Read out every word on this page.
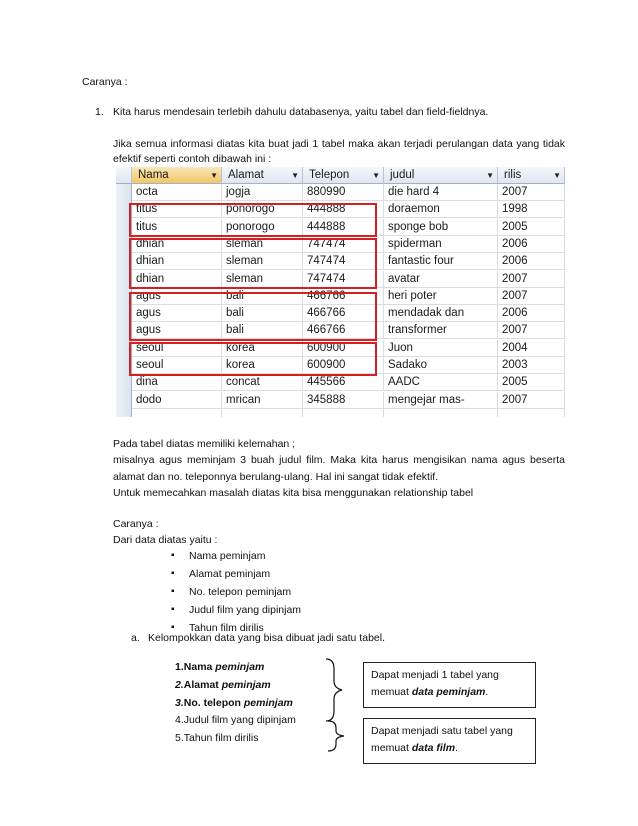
Caranya :
1. Kita harus mendesain terlebih dahulu databasenya, yaitu tabel dan field-fieldnya.
Jika semua informasi diatas kita buat jadi 1 tabel maka akan terjadi perulangan data yang tidak
efektif seperti contoh dibawah ini :
Nama	▼ Alamat	▼ Telepon	▼ judul	▼ rilis	▼
octa	jogja	880990	die hard 4	2007
titus	ponorogo	444888	doraemon	1998
titus	ponorogo	444888	sponge bob	2005
dhian	sleman	747474	spiderman	2006
dhian	sleman	747474	fantastic four	2006
dhian	sleman	747474	avatar	2007
agus	bali	466766	heri poter	2007
agus	bali	466766	mendadak dan	2006
agus	bali	466766	transformer	2007
seoul	korea	600900	Juon	2004
seoul	korea	600900	Sadako	2003
dina	concat	445566	AADC	2005
dodo	mrican	345888	mengejar mas-	2007
Pada tabel diatas memiliki kelemahan ;
misalnya agus meminjam 3 buah judul film. Maka kita harus mengisikan nama agus beserta
alamat dan no. teleponnya berulang-ulang. Hal ini sangat tidak efektif.
Untuk memecahkan masalah diatas kita bisa menggunakan relationship tabel
Caranya :
Dari data diatas yaitu :
▪ Nama peminjam
▪ Alamat peminjam
▪ No. telepon peminjam
▪ Judul film yang dipinjam
▪ Tahun film dirilis
a. Kelompokkan data yang bisa dibuat jadi satu tabel.
1.Nama peminjam
2.Alamat peminjam
3.No. telepon peminjam
4.Judul film yang dipinjam
5.Tahun film dirilis
Dapat menjadi 1 tabel yang
memuat data peminjam.
Dapat menjadi satu tabel yang
memuat data film.
